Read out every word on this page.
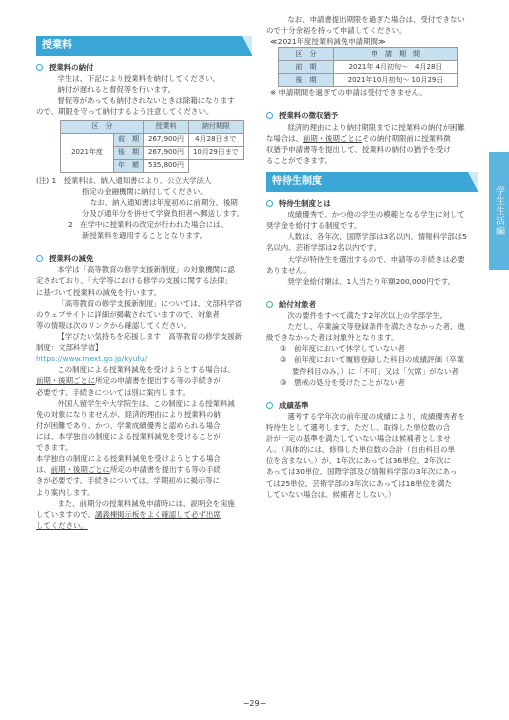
授業料
授業料の納付
学生は、下記により授業料を納付してください。
納付が遅れると督促等を行います。
督促等があっても納付されないときは除籍になります
ので、期限を守って納付するよう注意してください。
区　分		授業料	納付期限
2021年度	前　期	267,900円	4月28日まで
	後　期	267,900円	10月29日まで
	年　額	535,800円	
(注) 1　授業料は、納入通知書により、公立大学法人
指定の金融機関に納付してください。
なお、納入通知書は年度初めに前期分、後期
分及び通年分を併せて学資負担者へ郵送します。
2　在学中に授業料の改定が行われた場合には、
新授業料を適用することとなります。
授業料の減免
本学は「高等教育の修学支援新制度」の対象機関に認
定されており、「大学等における修学の支援に関する法律」
に基づいて授業料の減免を行います。
「高等教育の修学支援新制度」については、文部科学省
のウェブサイトに詳細が掲載されていますので、対象者
等の情報は次のリンクから確認してください。
【学びたい気持ちを応援します　高等教育の修学支援新
制度：文部科学省】
https://www.mext.go.jp/kyufu/
この制度による授業料減免を受けようとする場合は、
前期・後期ごとに所定の申請書を提出する等の手続きが
必要です。手続きについては別に案内します。
外国人留学生や大学院生は、この制度による授業料減
免の対象になりませんが、経済的理由により授業料の納
付が困難であり、かつ、学業成績優秀と認められる場合
には、本学独自の制度による授業料減免を受けることが
できます。
本学独自の制度による授業料減免を受けようとする場合
は、前期・後期ごとに所定の申請書を提出する等の手続
きが必要です。手続きについては、学期初めに掲示等に
より案内します。
また、前期分の授業料減免申請時には、説明会を実施
していますので、講義棟掲示板をよく確認して必ず出席
してください。
なお、申請書提出期限を過ぎた場合は、受付できない
ので十分余裕を持って申請してください。
≪2021年度授業料減免申請期間≫
区　分	申　請　期　間
前　期	2021年 4月初旬〜　4月28日
後　期	2021年10月初旬〜 10月29日
※ 申請期間を過ぎての申請は受付できません。
授業料の徴収猶予
経済的理由により納付期限までに授業料の納付が困難
な場合は、前期・後期ごとにその納付期限前に授業料徴
収猶予申請書等を提出して、授業料の納付の猶予を受け
ることができます。
特待生制度
特待生制度とは
成績優秀で、かつ他の学生の模範となる学生に対して
奨学金を給付する制度です。
人数は、各年次、国際学部は3名以内、情報科学部は5
名以内、芸術学部は2名以内です。
大学が特待生を選出するので、申請等の手続きは必要
ありません。
奨学金給付額は、1人当たり年額200,000円です。
給付対象者
次の要件をすべて満たす2年次以上の学部学生。
ただし、卒業論文等登録条件を満たさなかった者、進
級できなかった者は対象外となります。
①　前年度において休学していない者
②　前年度において履修登録した科目の成績評価（卒業
要件科目のみ。）に「不可」又は「欠席」がない者
③　懲戒の処分を受けたことがない者
成績基準
選考する学年次の前年度の成績により、成績優秀者を
特待生として選考します。ただし、取得した単位数の合
計が一定の基準を満たしていない場合は候補者としませ
ん。（具体的には、修得した単位数の合計（自由科目の単
位を含まない。）が、1年次にあっては36単位、2年次に
あっては30単位、国際学部及び情報科学部の3年次にあっ
ては25単位、芸術学部の3年次にあっては18単位を満た
していない場合は、候補者としない。）
学生生活編
−29−
